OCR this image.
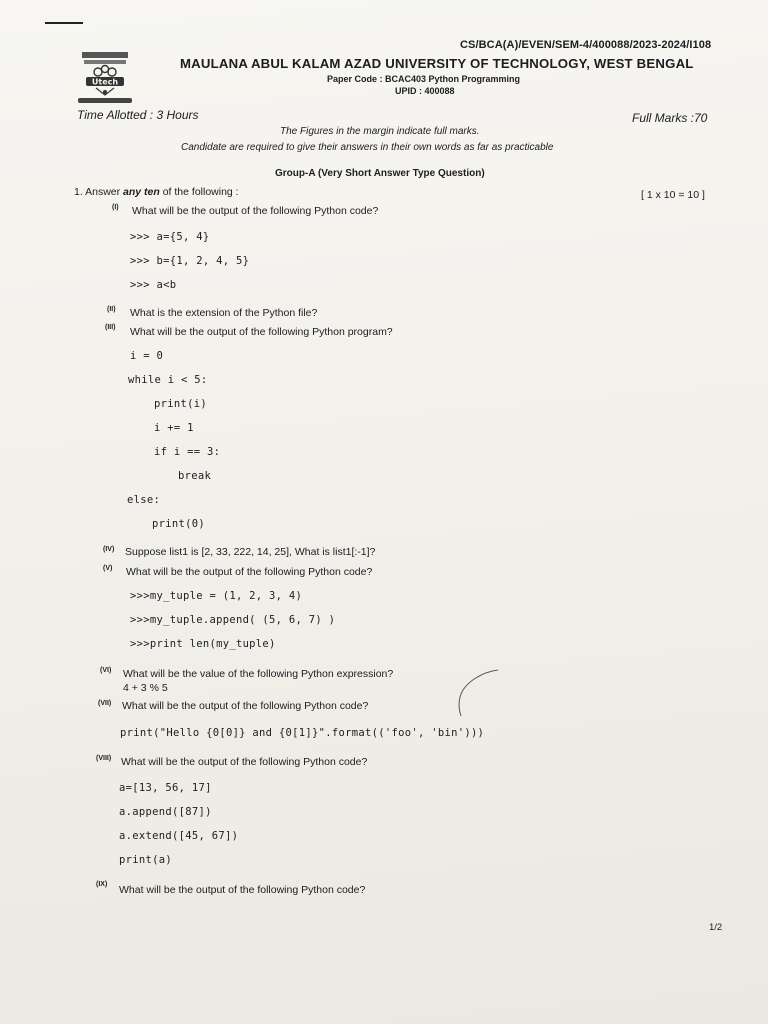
Utech
CS/BCA(A)/EVEN/SEM-4/400088/2023-2024/I108
MAULANA ABUL KALAM AZAD UNIVERSITY OF TECHNOLOGY, WEST BENGAL
Paper Code : BCAC403 Python Programming
UPID : 400088
Time Allotted : 3 Hours	Full Marks :70
The Figures in the margin indicate full marks.
Candidate are required to give their answers in their own words as far as practicable
Group-A (Very Short Answer Type Question)
1. Answer any ten of the following :	[ 1 x 10 = 10 ]
(I) What will be the output of the following Python code?
>>> a={5, 4}
>>> b={1, 2, 4, 5}
>>> a<b
(II) What is the extension of the Python file?
(III) What will be the output of the following Python program?
i = 0
while i < 5:
print(i)
i += 1
if i == 3:
break
else:
print(0)
(IV) Suppose list1 is [2, 33, 222, 14, 25], What is list1[:-1]?
(V) What will be the output of the following Python code?
>>>my_tuple = (1, 2, 3, 4)
>>>my_tuple.append( (5, 6, 7) )
>>>print len(my_tuple)
(VI) What will be the value of the following Python expression?
4 + 3 % 5
(VII) What will be the output of the following Python code?
print("Hello {0[0]} and {0[1]}".format(('foo', 'bin')))
(VIII) What will be the output of the following Python code?
a=[13, 56, 17]
a.append([87])
a.extend([45, 67])
print(a)
(IX) What will be the output of the following Python code?
1/2
